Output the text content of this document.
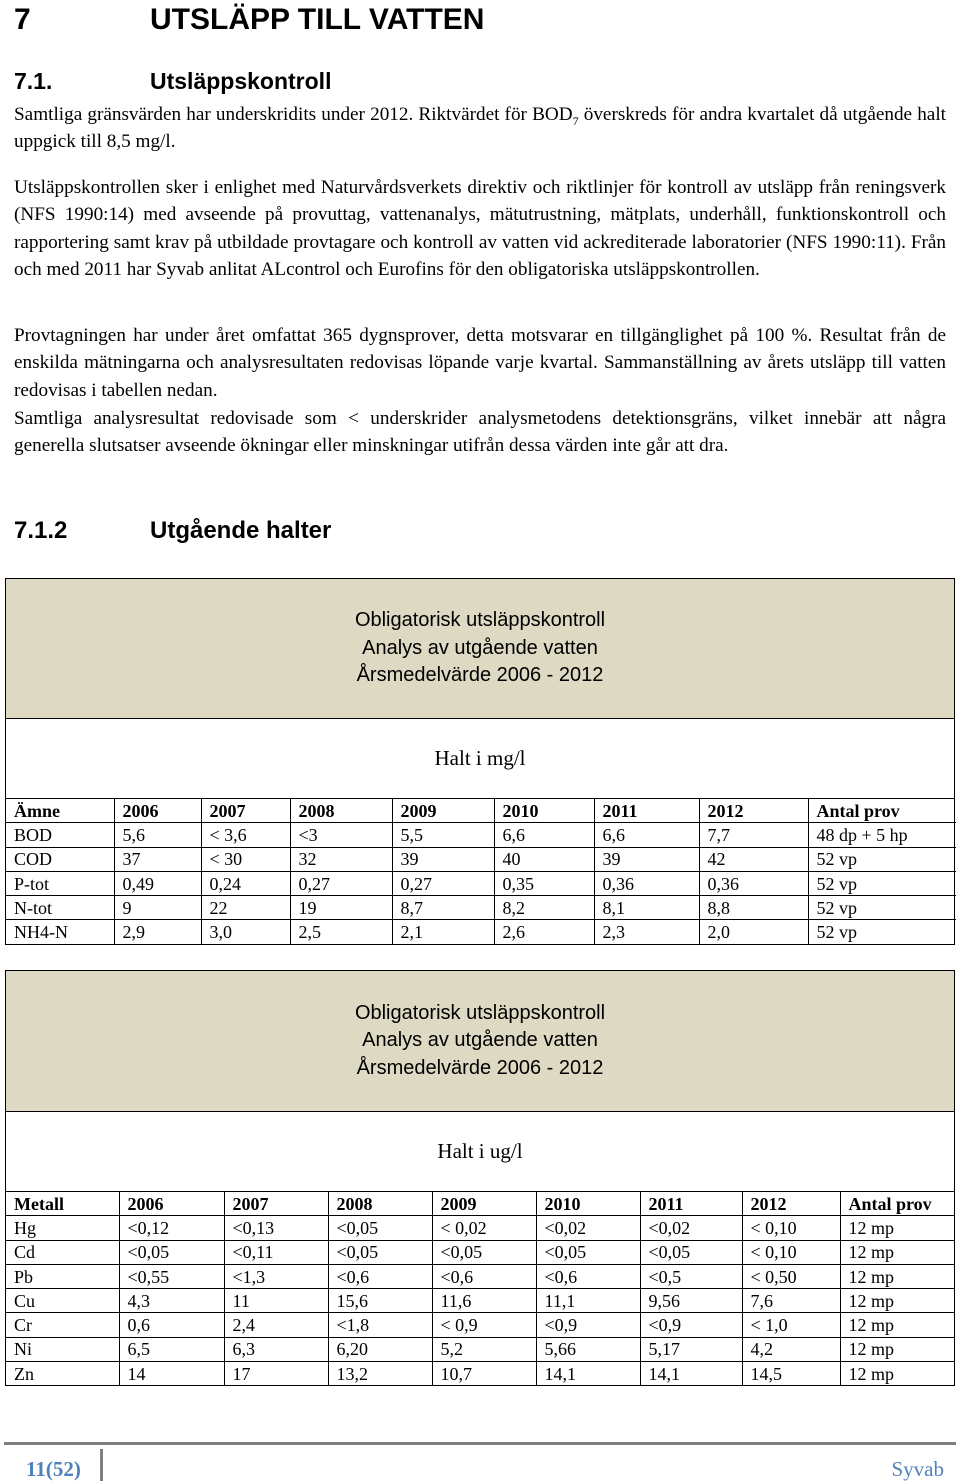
7	UTSLÄPP TILL VATTEN
7.1.	Utsläppskontroll

Samtliga gränsvärden har underskridits under 2012. Riktvärdet för $BOD_7$ överskreds för andra kvartalet då utgående halt uppgick till 8,5 mg/l.

Utsläppskontrollen sker i enlighet med Naturvårdsverkets direktiv och riktlinjer för kontroll av utsläpp från reningsverk (NFS 1990:14) med avseende på provuttag, vattenanalys, mätutrustning, mätplats, underhåll, funktionskontroll och rapportering samt krav på utbildade provtagare och kontroll av vatten vid ackrediterade laboratorier (NFS 1990:11). Från och med 2011 har Syvab anlitat ALcontrol och Eurofins för den obligatoriska utsläppskontrollen.

Provtagningen har under året omfattat 365 dygnsprover, detta motsvarar en tillgänglighet på 100 %. Resultat från de enskilda mätningarna och analysresultaten redovisas löpande varje kvartal. Sammanställning av årets utsläpp till vatten redovisas i tabellen nedan.

Samtliga analysresultat redovisade som < underskrider analysmetodens detektionsgräns, vilket innebär att några generella slutsatser avseende ökningar eller minskningar utifrån dessa värden inte går att dra.

7.1.2	Utgående halter
Obligatorisk utsläppskontroll
Analys av utgående vatten
Årsmedelvärde 2006 - 2012
Halt i mg/l
Ämne	2006	2007	2008	2009	2010	2011	2012	Antal prov
BOD	5,6	< 3,6	<3	5,5	6,6	6,6	7,7	48 dp + 5 hp
COD	37	< 30	32	39	40	39	42	52 vp
P-tot	0,49	0,24	0,27	0,27	0,35	0,36	0,36	52 vp
N-tot	9	22	19	8,7	8,2	8,1	8,8	52 vp
NH4-N	2,9	3,0	2,5	2,1	2,6	2,3	2,0	52 vp
Obligatorisk utsläppskontroll
Analys av utgående vatten
Årsmedelvärde 2006 - 2012
Halt i ug/l
Metall	2006	2007	2008	2009	2010	2011	2012	Antal prov
Hg	<0,12	<0,13	<0,05	< 0,02	<0,02	<0,02	< 0,10	12 mp
Cd	<0,05	<0,11	<0,05	<0,05	<0,05	<0,05	< 0,10	12 mp
Pb	<0,55	<1,3	<0,6	<0,6	<0,6	<0,5	< 0,50	12 mp
Cu	4,3	11	15,6	11,6	11,1	9,56	7,6	12 mp
Cr	0,6	2,4	<1,8	< 0,9	<0,9	<0,9	< 1,0	12 mp
Ni	6,5	6,3	6,20	5,2	5,66	5,17	4,2	12 mp
Zn	14	17	13,2	10,7	14,1	14,1	14,5	12 mp
11(52)	Syvab
